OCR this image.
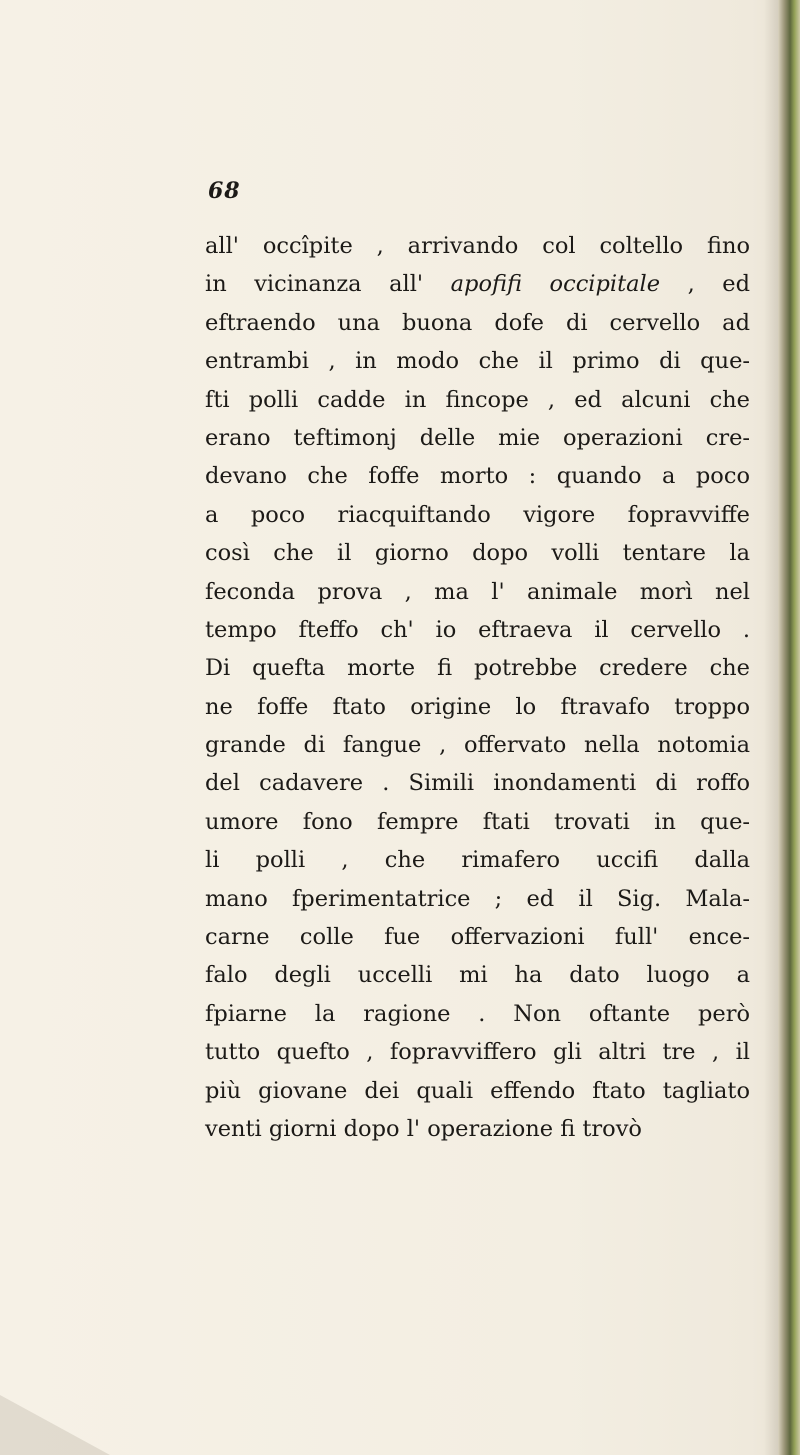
68
all' occîpite , arrivando col coltello fino
in vicinanza all' apofifi occipitale , ed
eftraendo una buona dofe di cervello ad
entrambi , in modo che il primo di que-
fti polli cadde in fincope , ed alcuni che
erano teftimonj delle mie operazioni cre-
devano che foffe morto : quando a poco
a poco riacquiftando vigore fopravviffe
così che il giorno dopo volli tentare la
feconda prova , ma l' animale morì nel
tempo fteffo ch' io eftraeva il cervello .
Di quefta morte fi potrebbe credere che
ne foffe ftato origine lo ftravafo troppo
grande di fangue , offervato nella notomia
del cadavere . Simili inondamenti di roffo
umore fono fempre ftati trovati in que-
li polli , che rimafero uccifi dalla
mano fperimentatrice ; ed il Sig. Mala-
carne colle fue offervazioni full' ence-
falo degli uccelli mi ha dato luogo a
fpiarne la ragione . Non oftante però
tutto quefto , fopravviffero gli altri tre , il
più giovane dei quali effendo ftato tagliato
venti giorni dopo l' operazione fi trovò
